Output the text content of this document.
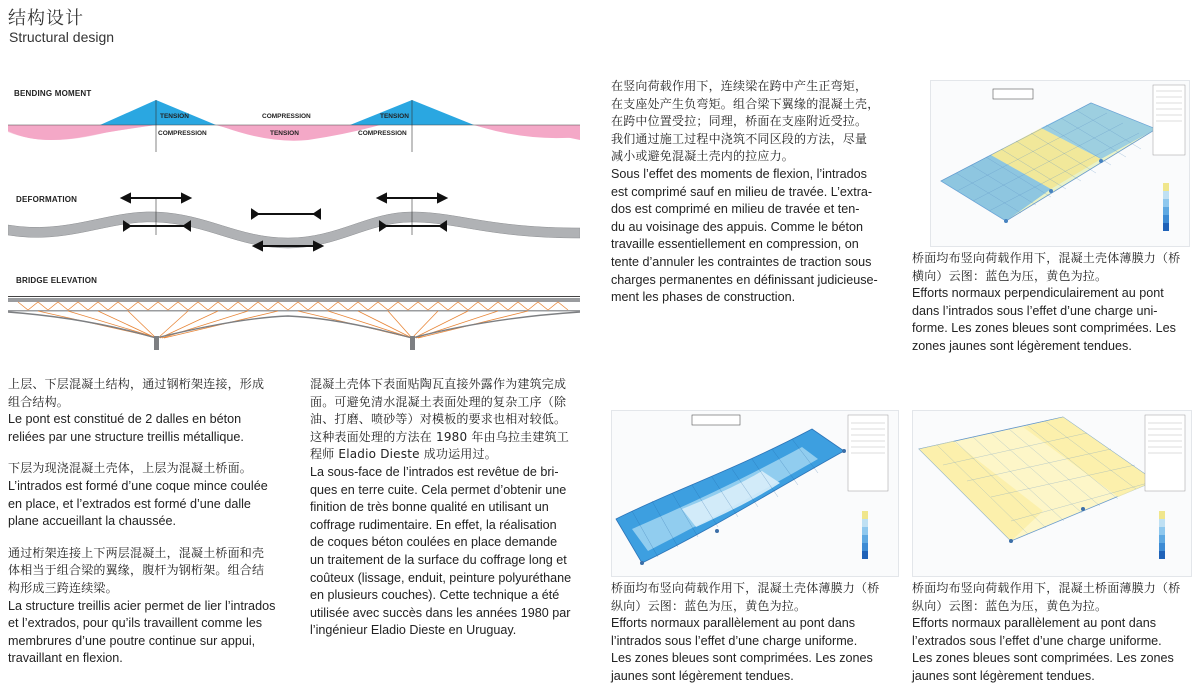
结构设计
Structural design
BENDING MOMENT
DEFORMATION
BRIDGE ELEVATION
TENSION
COMPRESSION
COMPRESSION
TENSION
TENSION
COMPRESSION

上层、下层混凝土结构，通过钢桁架连接，形成
组合结构。

Le pont est constitué de 2 dalles en béton
reliées par une structure treillis métallique.

下层为现浇混凝土壳体，上层为混凝土桥面。

L’intrados est formé d’une coque mince coulée
en place, et l’extrados est formé d’une dalle
plane accueillant la chaussée.

通过桁架连接上下两层混凝土，混凝土桥面和壳
体相当于组合梁的翼缘，腹杆为钢桁架。组合结
构形成三跨连续梁。

La structure treillis acier permet de lier l’intrados
et l’extrados, pour qu’ils travaillent comme les
membrures d’une poutre continue sur appui,
travaillant en flexion.

混凝土壳体下表面贴陶瓦直接外露作为建筑完成
面。可避免清水混凝土表面处理的复杂工序（除
油、打磨、喷砂等）对模板的要求也相对较低。
这种表面处理的方法在 1980 年由乌拉圭建筑工
程师 Eladio Dieste 成功运用过。

La sous-face de l’intrados est revêtue de bri-
ques en terre cuite. Cela permet d’obtenir une
finition de très bonne qualité en utilisant un
coffrage rudimentaire. En effet, la réalisation
de coques béton coulées en place demande
un traitement de la surface du coffrage long et
coûteux (lissage, enduit, peinture polyuréthane
en plusieurs couches). Cette technique a été
utilisée avec succès dans les années 1980 par
l’ingénieur Eladio Dieste en Uruguay.

在竖向荷载作用下，连续梁在跨中产生正弯矩，
在支座处产生负弯矩。组合梁下翼缘的混凝土壳，
在跨中位置受拉；同理，桥面在支座附近受拉。
我们通过施工过程中浇筑不同区段的方法，尽量
减小或避免混凝土壳内的拉应力。

Sous l’effet des moments de flexion, l’intrados
est comprimé sauf en milieu de travée. L’extra-
dos est comprimé en milieu de travée et ten-
du au voisinage des appuis. Comme le béton
travaille essentiellement en compression, on
tente d’annuler les contraintes de traction sous
charges permanentes en définissant judicieuse-
ment les phases de construction.

桥面均布竖向荷载作用下，混凝土壳体薄膜力（桥
横向）云图：蓝色为压，黄色为拉。

Efforts normaux perpendiculairement au pont
dans l’intrados sous l’effet d’une charge uni-
forme. Les zones bleues sont comprimées. Les
zones jaunes sont légèrement tendues.

桥面均布竖向荷载作用下，混凝土壳体薄膜力（桥
纵向）云图：蓝色为压，黄色为拉。

Efforts normaux parallèlement au pont dans
l’intrados sous l’effet d’une charge uniforme.
Les zones bleues sont comprimées. Les zones
jaunes sont légèrement tendues.

桥面均布竖向荷载作用下，混凝土桥面薄膜力（桥
纵向）云图：蓝色为压，黄色为拉。

Efforts normaux parallèlement au pont dans
l’extrados sous l’effet d’une charge uniforme.
Les zones bleues sont comprimées. Les zones
jaunes sont légèrement tendues.
